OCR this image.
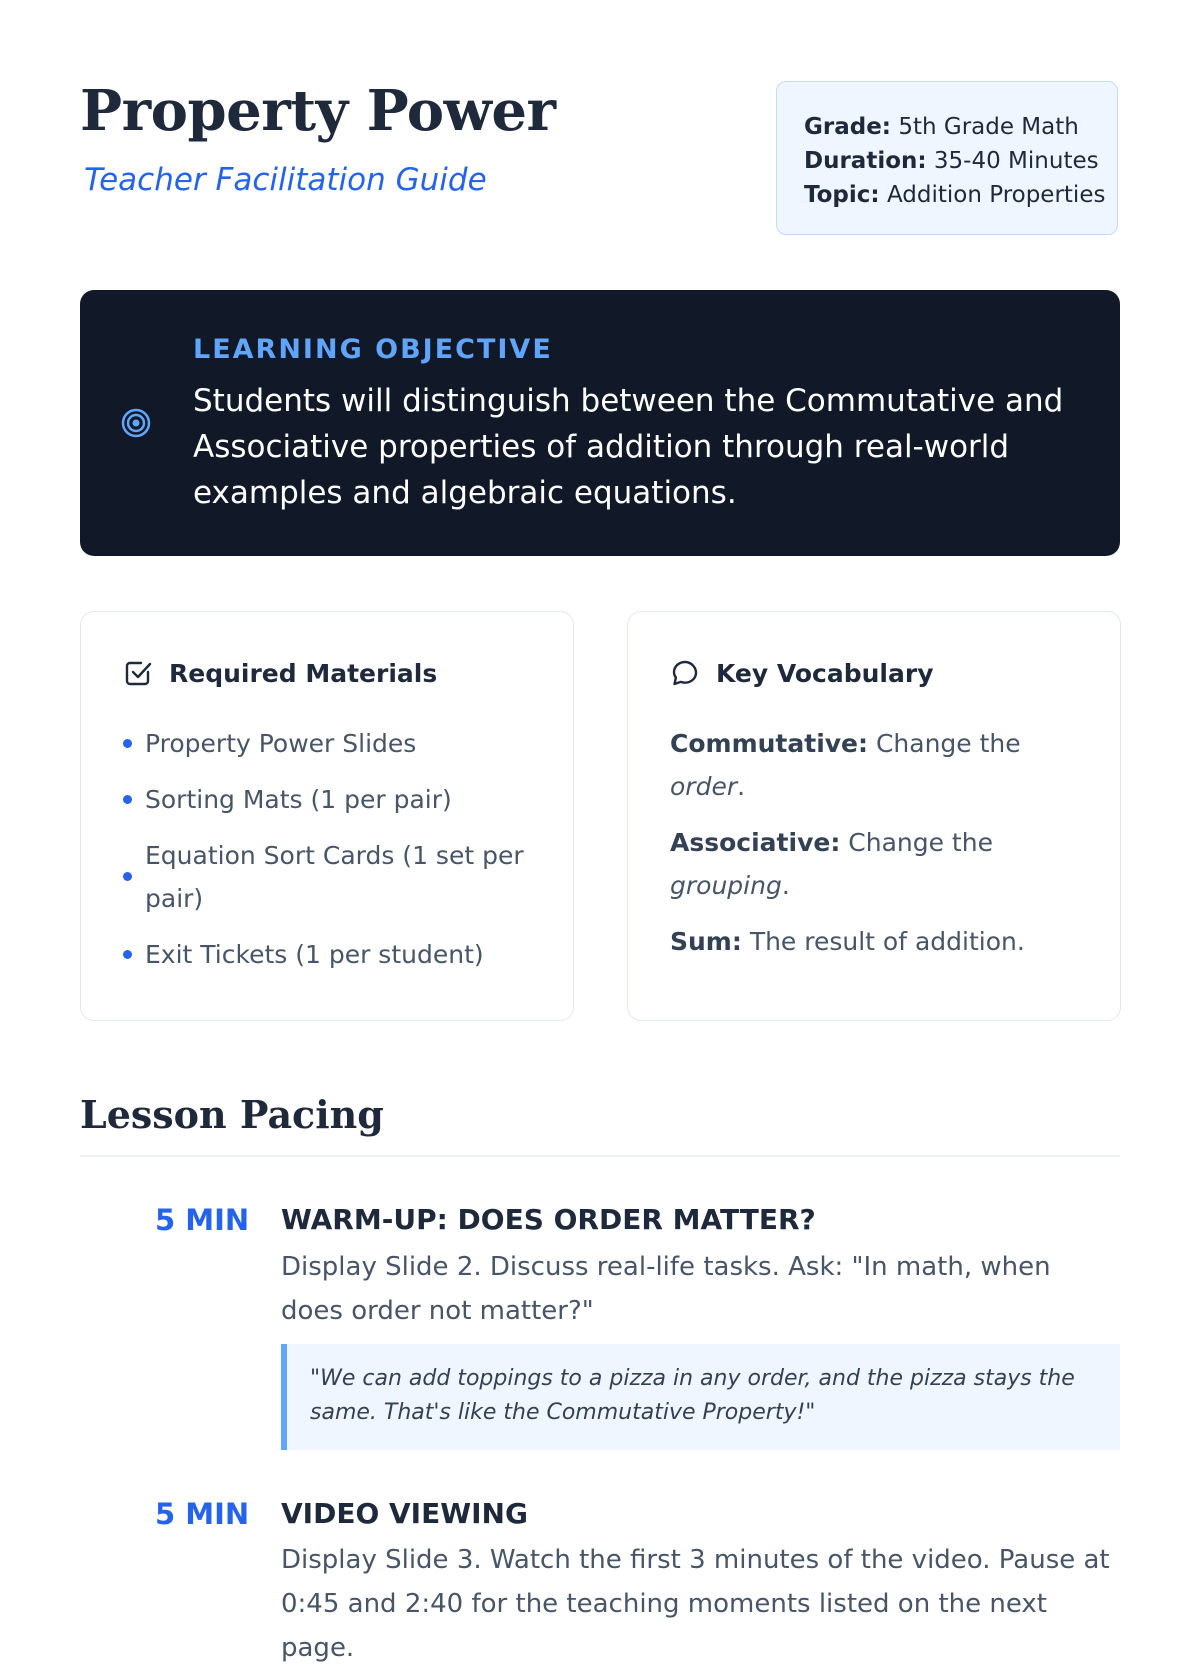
Property Power

Teacher Facilitation Guide

Grade: 5th Grade Math
Duration: 35-40 Minutes
Topic: Addition Properties
LEARNING OBJECTIVE
Students will distinguish between the Commutative and Associative properties of addition through real-world examples and algebraic equations.
Required Materials
Property Power Slides
Sorting Mats (1 per pair)
Equation Sort Cards (1 set per pair)
Exit Tickets (1 per student)
Key Vocabulary
Commutative: Change the order.
Associative: Change the grouping.
Sum: The result of addition.
Lesson Pacing
5 MIN WARM-UP: DOES ORDER MATTER?
Display Slide 2. Discuss real-life tasks. Ask: "In math, when does order not matter?"
"We can add toppings to a pizza in any order, and the pizza stays the same. That's like the Commutative Property!"
5 MIN VIDEO VIEWING
Display Slide 3. Watch the first 3 minutes of the video. Pause at 0:45 and 2:40 for the teaching moments listed on the next page.
